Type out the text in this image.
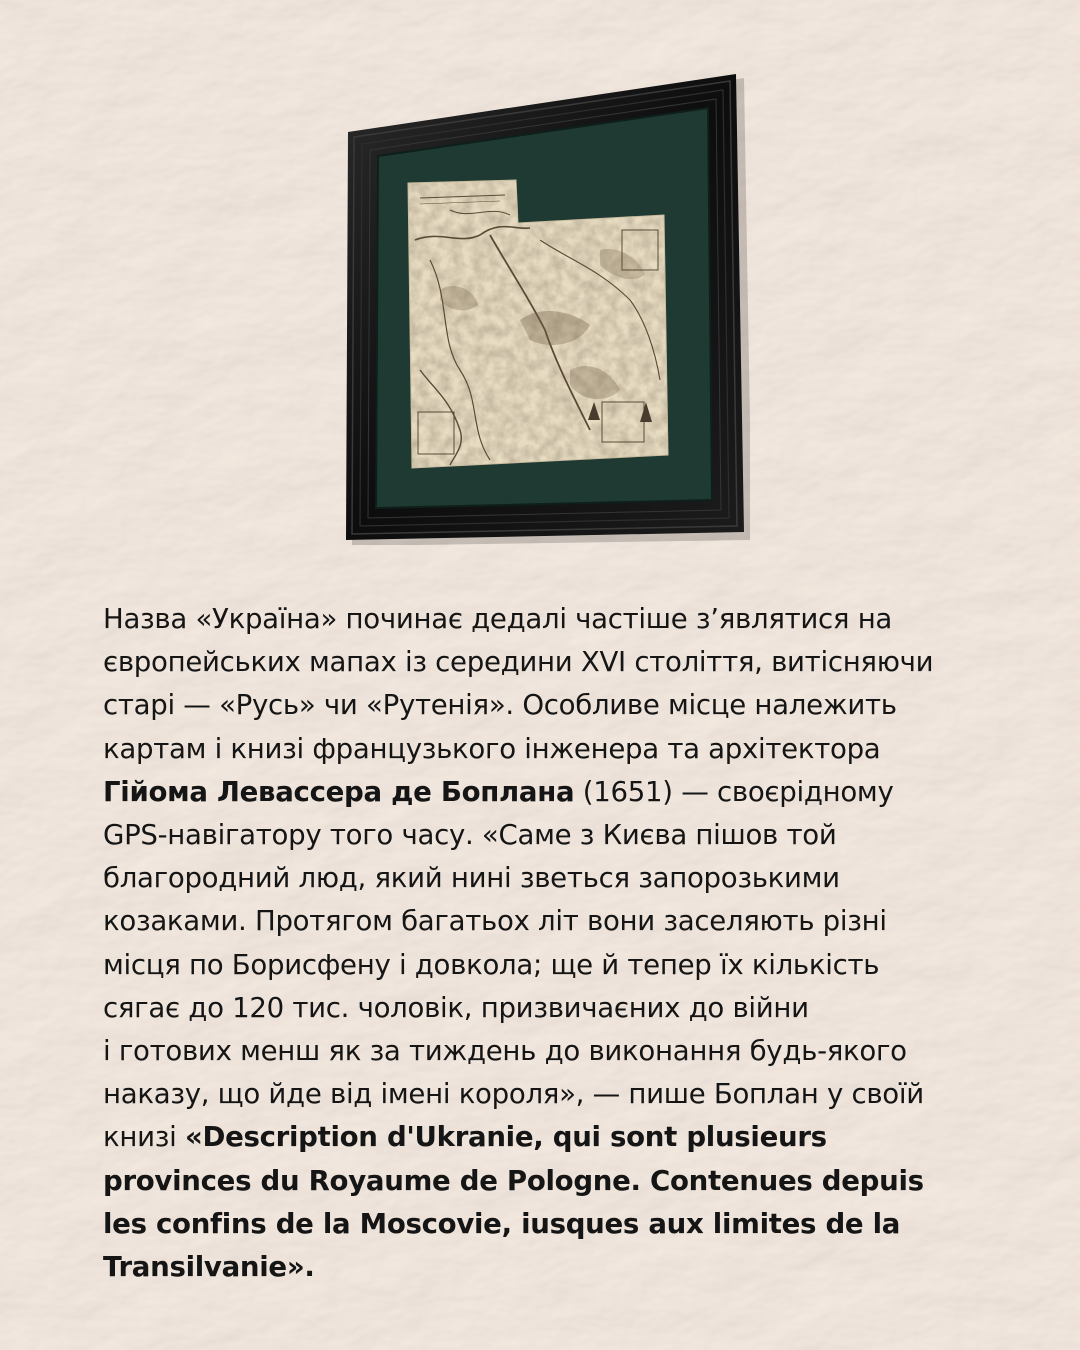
Назва «Україна» починає дедалі частіше з’являтися на

європейських мапах із середини XVI століття, витісняючи

старі — «Русь» чи «Рутенія». Особливе місце належить

картам і книзі французького інженера та архітектора

Гійома Левассера де Боплана (1651) — своєрідному

GPS-навігатору того часу. «Саме з Києва пішов той

благородний люд, який нині зветься запорозькими

козаками. Протягом багатьох літ вони заселяють різні

місця по Борисфену і довкола; ще й тепер їх кількість

сягає до 120 тис. чоловік, призвичаєних до війни

і готових менш як за тиждень до виконання будь-якого

наказу, що йде від імені короля», — пише Боплан у своїй

книзі «Description d'Ukranie, qui sont plusieurs

provinces du Royaume de Pologne. Contenues depuis

les confins de la Moscovie, iusques aux limites de la

Transilvanie».
